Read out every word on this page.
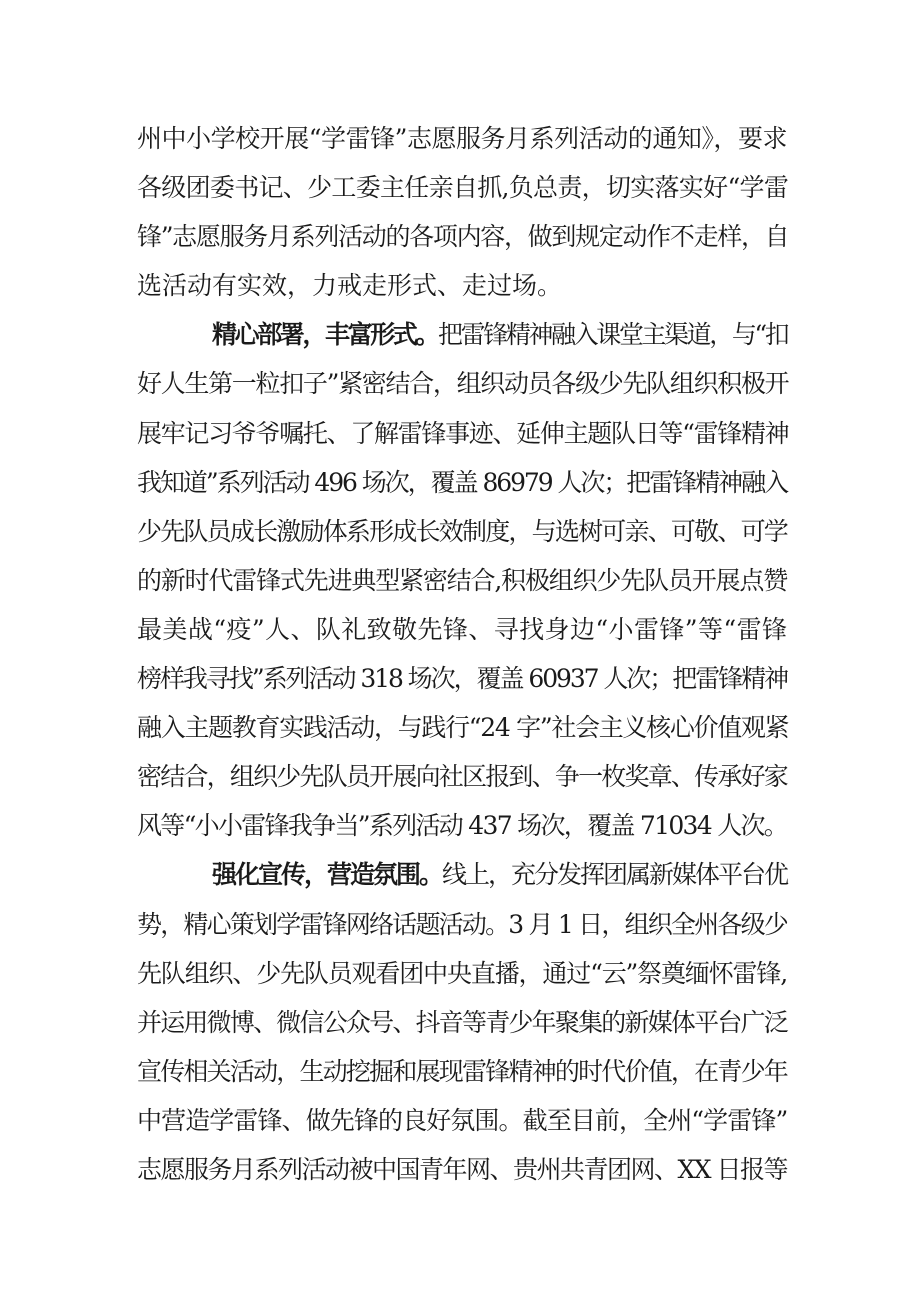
州中小学校开展“学雷锋”志愿服务月系列活动的通知》，要求
各级团委书记、少工委主任亲自抓,负总责，切实落实好“学雷
锋”志愿服务月系列活动的各项内容，做到规定动作不走样，自
选活动有实效，力戒走形式、走过场。
精心部署，丰富形式。把雷锋精神融入课堂主渠道，与“扣
好人生第一粒扣子”紧密结合，组织动员各级少先队组织积极开
展牢记习爷爷嘱托、了解雷锋事迹、延伸主题队日等“雷锋精神
我知道”系列活动 496 场次，覆盖 86979 人次；把雷锋精神融入
少先队员成长激励体系形成长效制度，与选树可亲、可敬、可学
的新时代雷锋式先进典型紧密结合,积极组织少先队员开展点赞
最美战“疫”人、队礼致敬先锋、寻找身边“小雷锋”等“雷锋
榜样我寻找”系列活动 318 场次，覆盖 60937 人次；把雷锋精神
融入主题教育实践活动，与践行“24 字”社会主义核心价值观紧
密结合，组织少先队员开展向社区报到、争一枚奖章、传承好家
风等“小小雷锋我争当”系列活动 437 场次，覆盖 71034 人次。
强化宣传，营造氛围。线上，充分发挥团属新媒体平台优
势，精心策划学雷锋网络话题活动。3 月 1 日，组织全州各级少
先队组织、少先队员观看团中央直播，通过“云”祭奠缅怀雷锋,
并运用微博、微信公众号、抖音等青少年聚集的新媒体平台广泛
宣传相关活动，生动挖掘和展现雷锋精神的时代价值，在青少年
中营造学雷锋、做先锋的良好氛围。截至目前，全州“学雷锋”
志愿服务月系列活动被中国青年网、贵州共青团网、XX 日报等
